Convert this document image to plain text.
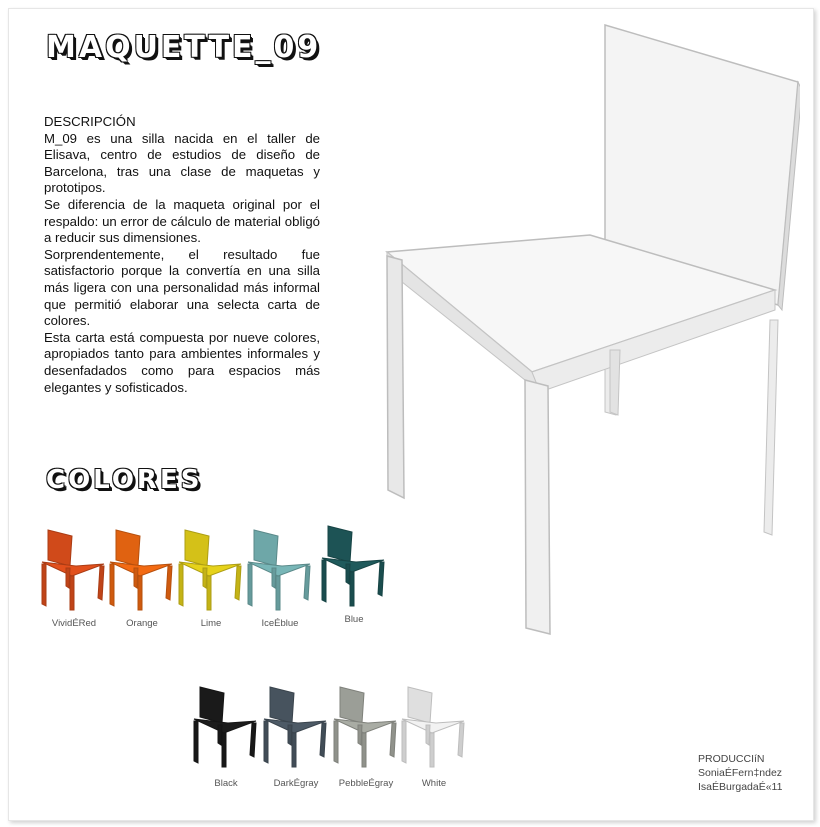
MAQUETTE_09

DESCRIPCIÓN

M_09 es una silla nacida en el taller de Elisava, centro de estudios de diseño de Barcelona, tras una clase de maquetas y prototipos.

Se diferencia de la maqueta original por el respaldo: un error de cálculo de material obligó a reducir sus dimensiones.

Sorprendentemente, el resultado fue satisfactorio porque la convertía en una silla más ligera con una personalidad más informal que permitió elaborar una selecta carta de colores.

Esta carta está compuesta por nueve colores, apropiados tanto para ambientes informales y desenfadados como para espacios más elegantes y sofisticados.

COLORES
VividÉRed	Orange	Lime	IceÉblue	Blue
Black	DarkÉgray	PebbleÉgray	White
PRODUCCIíN
SoniaÉFern‡ndez
IsaÉBurgadaÉ«11
